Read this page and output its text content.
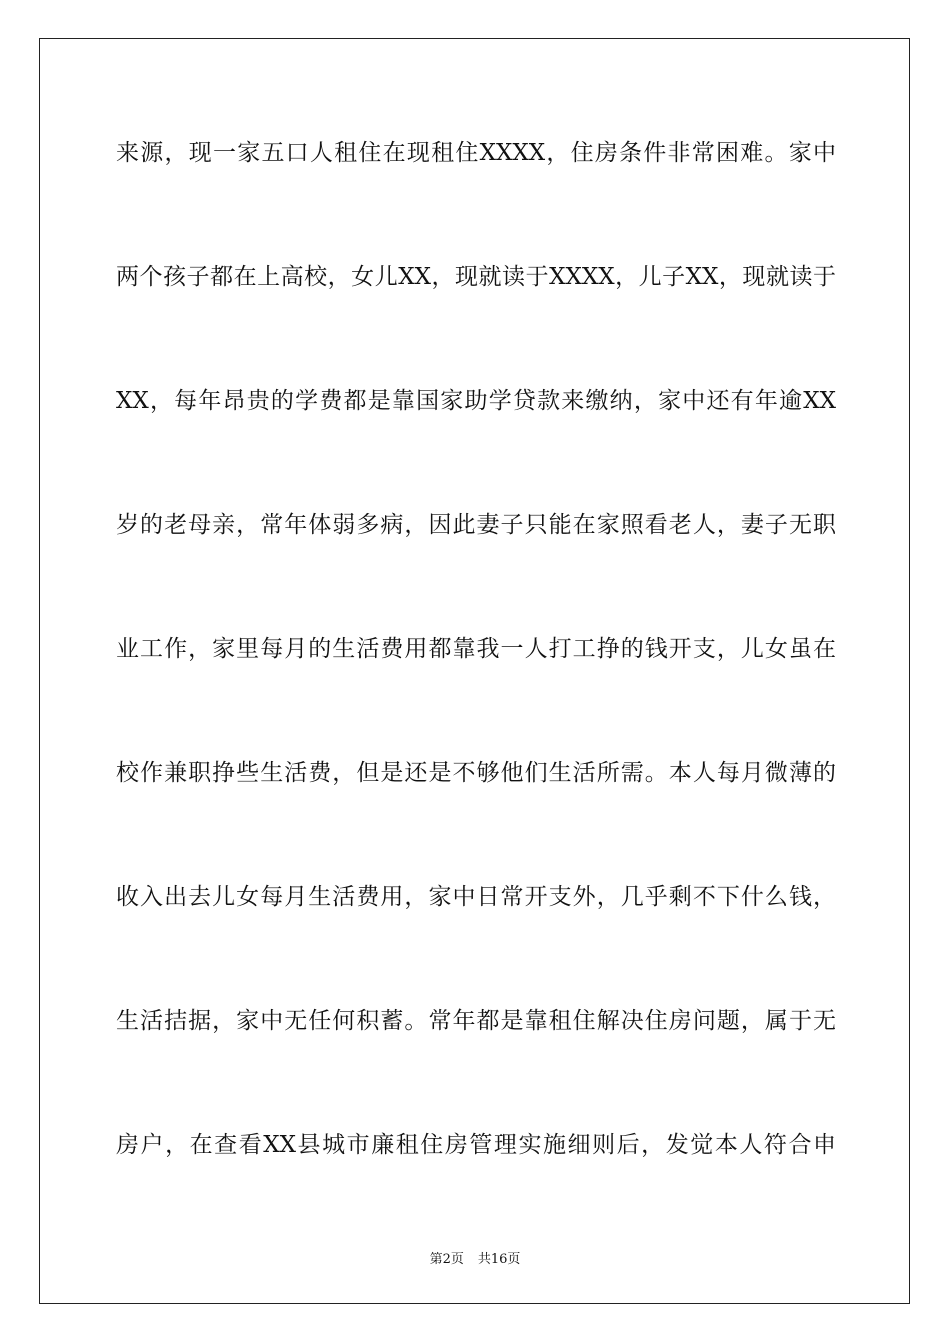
来源，现一家五口人租住在现租住XXXX，住房条件非常困难。家中
两个孩子都在上高校，女儿XX，现就读于XXXX，儿子XX，现就读于
XX，每年昂贵的学费都是靠国家助学贷款来缴纳，家中还有年逾XX
岁的老母亲，常年体弱多病，因此妻子只能在家照看老人，妻子无职
业工作，家里每月的生活费用都靠我一人打工挣的钱开支，儿女虽在
校作兼职挣些生活费，但是还是不够他们生活所需。本人每月微薄的
收入出去儿女每月生活费用，家中日常开支外，几乎剩不下什么钱，
生活拮据，家中无任何积蓄。常年都是靠租住解决住房问题，属于无
房户，在查看XX县城市廉租住房管理实施细则后，发觉本人符合申
第2页 共16页
